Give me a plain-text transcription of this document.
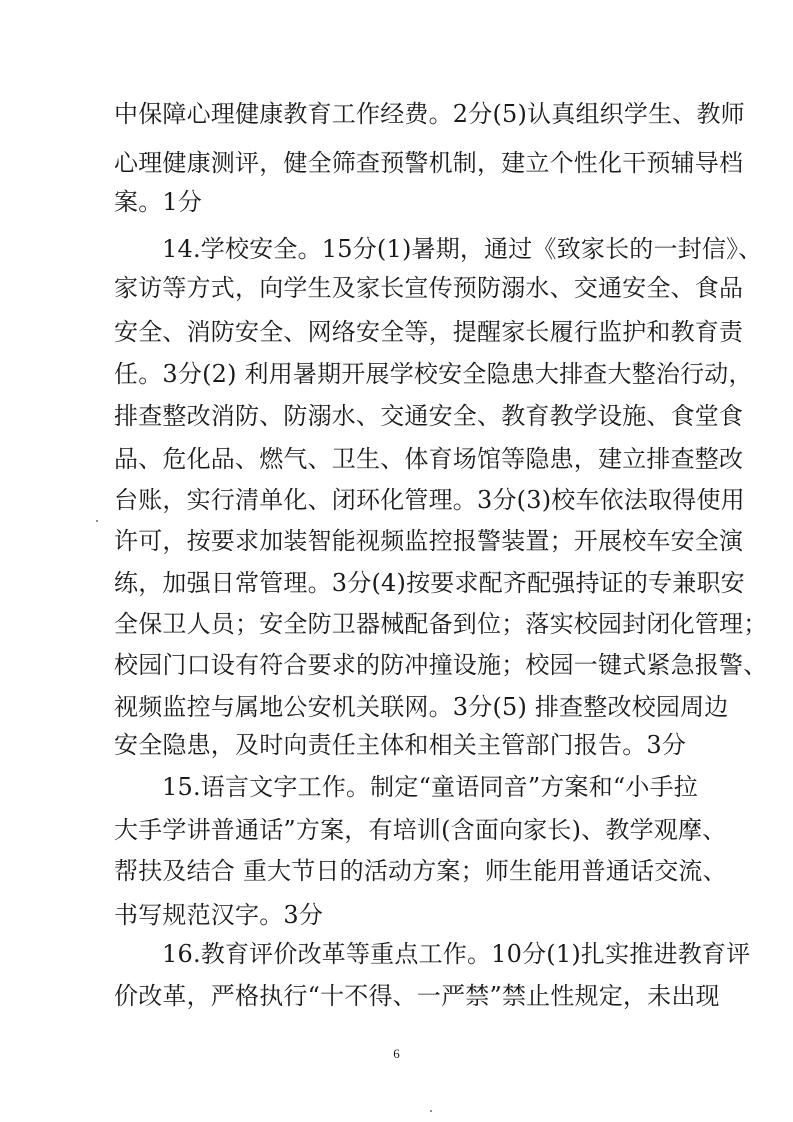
中保障心理健康教育工作经费。2分(5)认真组织学生、教师
心理健康测评，健全筛查预警机制，建立个性化干预辅导档
案。1分
14.学校安全。15分(1)暑期，通过《致家长的一封信》、
家访等方式，向学生及家长宣传预防溺水、交通安全、食品
安全、消防安全、网络安全等，提醒家长履行监护和教育责
任。3分(2) 利用暑期开展学校安全隐患大排查大整治行动，
排查整改消防、防溺水、交通安全、教育教学设施、食堂食
品、危化品、燃气、卫生、体育场馆等隐患，建立排查整改
台账，实行清单化、闭环化管理。3分(3)校车依法取得使用
许可，按要求加装智能视频监控报警装置；开展校车安全演
练，加强日常管理。3分(4)按要求配齐配强持证的专兼职安
全保卫人员；安全防卫器械配备到位；落实校园封闭化管理；
校园门口设有符合要求的防冲撞设施；校园一键式紧急报警、
视频监控与属地公安机关联网。3分(5) 排查整改校园周边
安全隐患，及时向责任主体和相关主管部门报告。3分
15.语言文字工作。制定“童语同音”方案和“小手拉
大手学讲普通话”方案，有培训(含面向家长)、教学观摩、
帮扶及结合 重大节日的活动方案；师生能用普通话交流、
书写规范汉字。3分
16.教育评价改革等重点工作。10分(1)扎实推进教育评
价改革，严格执行“十不得、一严禁”禁止性规定，未出现
6
